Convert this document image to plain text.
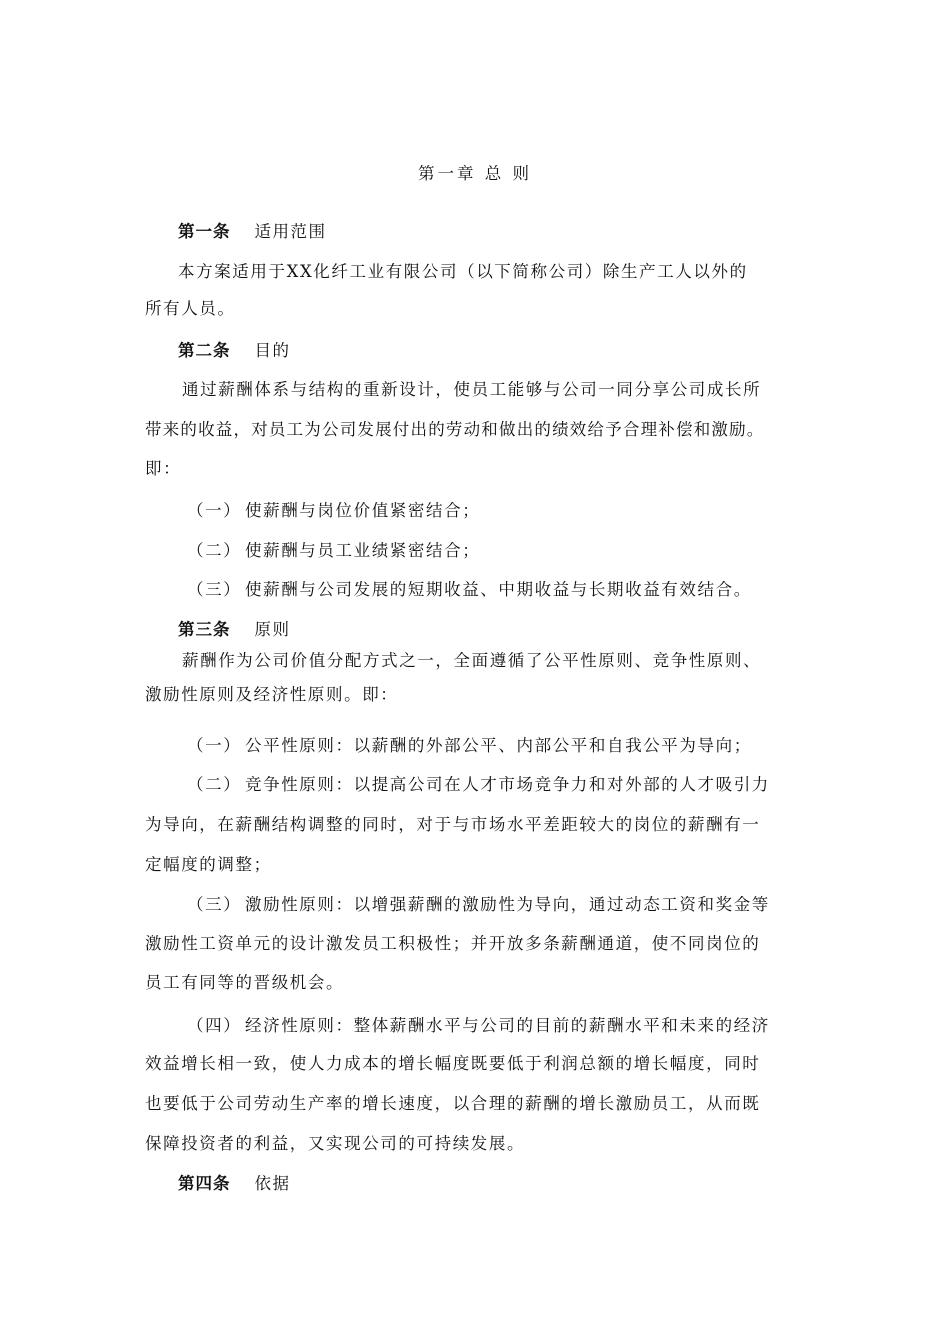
第一章 总 则
第一条 适用范围
本方案适用于XX化纤工业有限公司（以下简称公司）除生产工人以外的
所有人员。
第二条 目的
通过薪酬体系与结构的重新设计，使员工能够与公司一同分享公司成长所
带来的收益，对员工为公司发展付出的劳动和做出的绩效给予合理补偿和激励。
即：
（一） 使薪酬与岗位价值紧密结合；
（二） 使薪酬与员工业绩紧密结合；
（三） 使薪酬与公司发展的短期收益、中期收益与长期收益有效结合。
第三条 原则
薪酬作为公司价值分配方式之一，全面遵循了公平性原则、竞争性原则、
激励性原则及经济性原则。即：
（一） 公平性原则：以薪酬的外部公平、内部公平和自我公平为导向；
（二） 竞争性原则：以提高公司在人才市场竞争力和对外部的人才吸引力
为导向，在薪酬结构调整的同时，对于与市场水平差距较大的岗位的薪酬有一
定幅度的调整；
（三） 激励性原则：以增强薪酬的激励性为导向，通过动态工资和奖金等
激励性工资单元的设计激发员工积极性；并开放多条薪酬通道，使不同岗位的
员工有同等的晋级机会。
（四） 经济性原则：整体薪酬水平与公司的目前的薪酬水平和未来的经济
效益增长相一致，使人力成本的增长幅度既要低于利润总额的增长幅度，同时
也要低于公司劳动生产率的增长速度，以合理的薪酬的增长激励员工，从而既
保障投资者的利益，又实现公司的可持续发展。
第四条 依据
